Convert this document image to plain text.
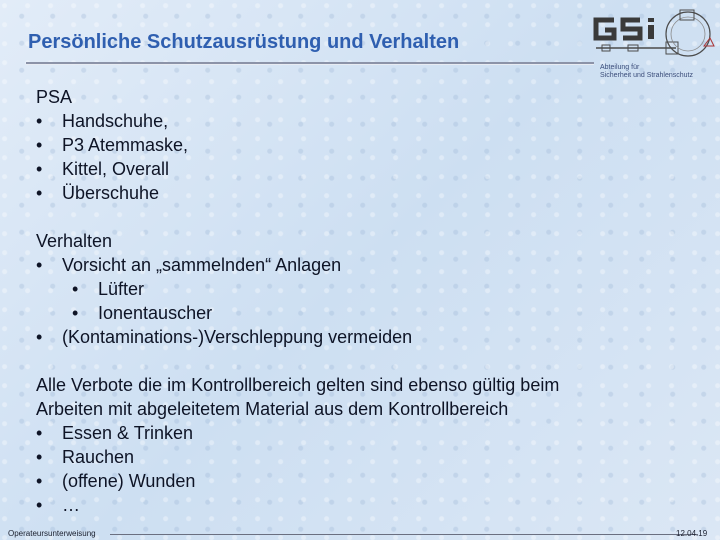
Persönliche Schutzausrüstung und Verhalten
Abteilung für
Sicherheit und Strahlenschutz
PSA
• Handschuhe,
• P3 Atemmaske,
• Kittel, Overall
• Überschuhe
Verhalten
• Vorsicht an „sammelnden“ Anlagen
• Lüfter
• Ionentauscher
• (Kontaminations-)Verschleppung vermeiden
Alle Verbote die im Kontrollbereich gelten sind ebenso gültig beim
Arbeiten mit abgeleitetem Material aus dem Kontrollbereich
• Essen & Trinken
• Rauchen
• (offene) Wunden
• …
Operateursunterweisung	12.04.19
